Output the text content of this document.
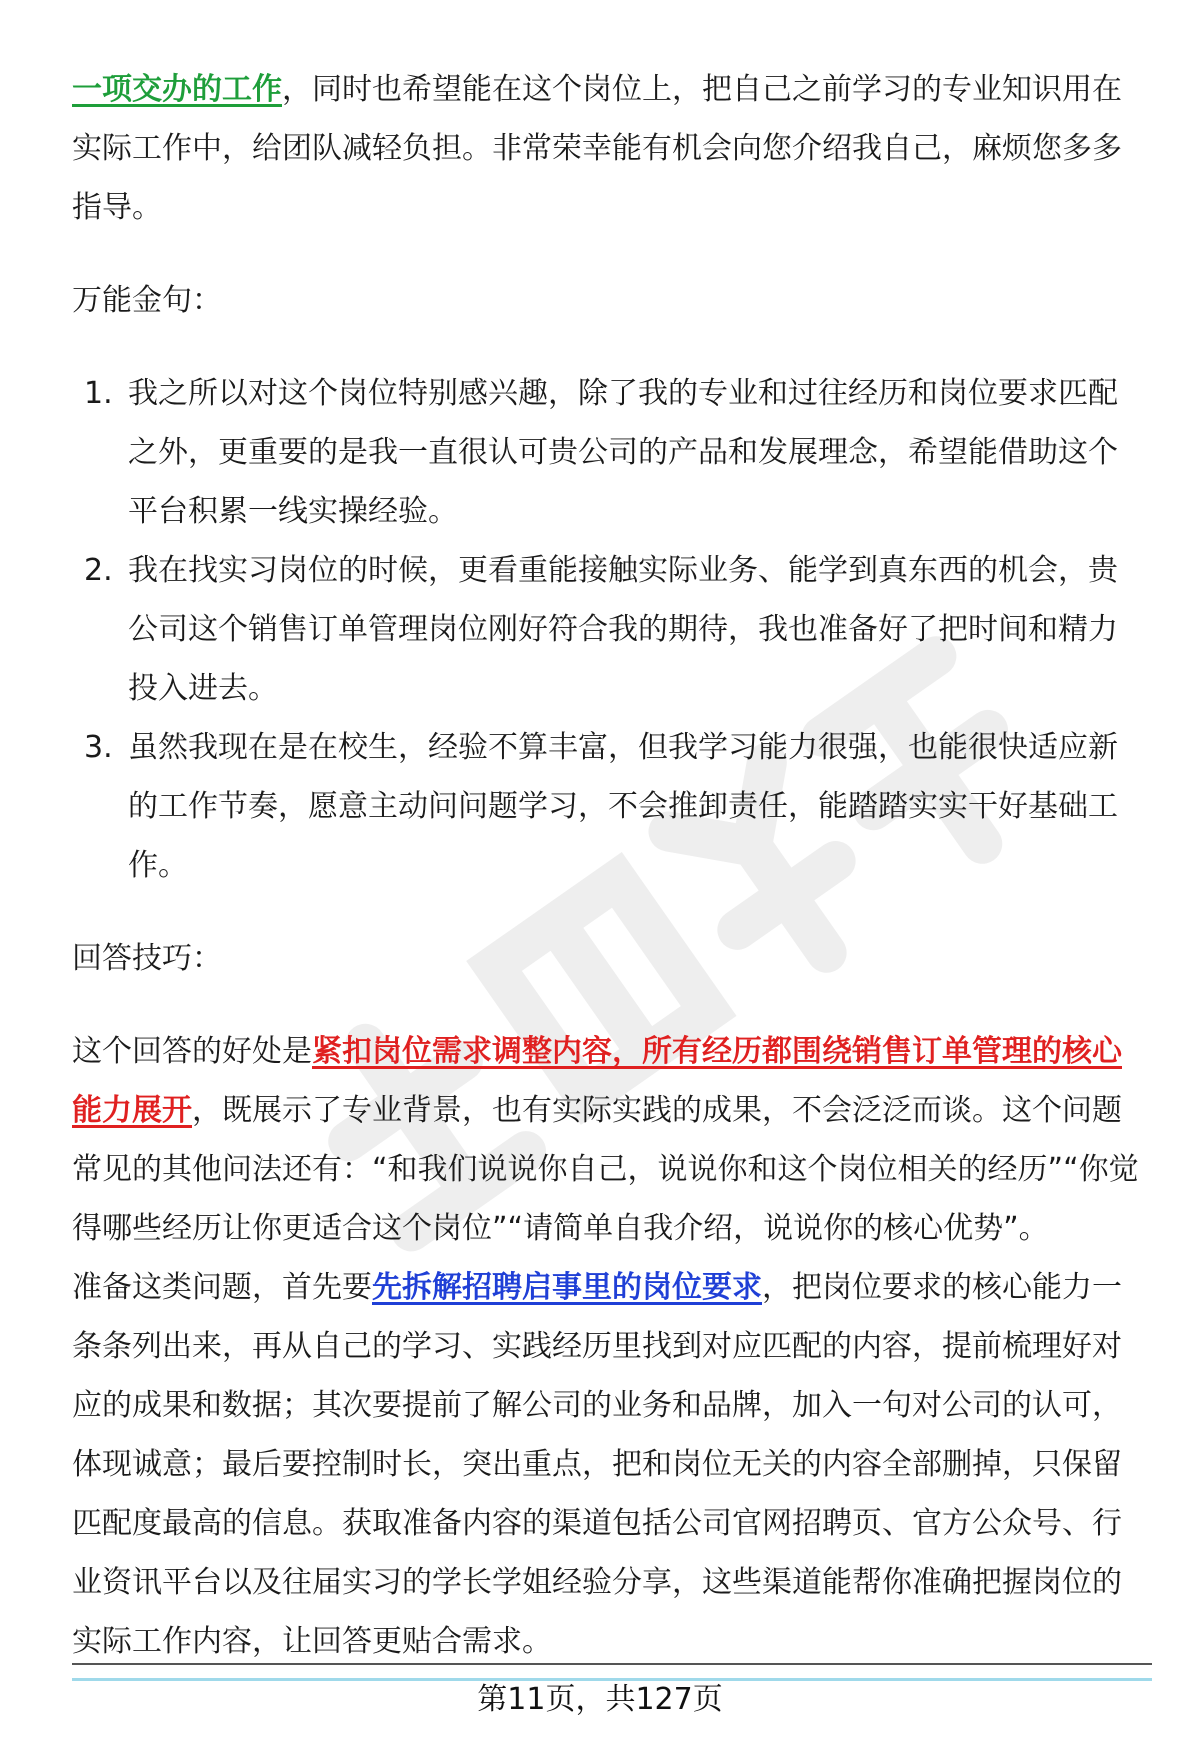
一项交办的工作，同时也希望能在这个岗位上，把自己之前学习的专业知识用在实际工作中，给团队减轻负担。非常荣幸能有机会向您介绍我自己，麻烦您多多指导。

万能金句：

1. 我之所以对这个岗位特别感兴趣，除了我的专业和过往经历和岗位要求匹配之外，更重要的是我一直很认可贵公司的产品和发展理念，希望能借助这个平台积累一线实操经验。
2. 我在找实习岗位的时候，更看重能接触实际业务、能学到真东西的机会，贵公司这个销售订单管理岗位刚好符合我的期待，我也准备好了把时间和精力投入进去。
3. 虽然我现在是在校生，经验不算丰富，但我学习能力很强，也能很快适应新的工作节奏，愿意主动问问题学习，不会推卸责任，能踏踏实实干好基础工作。

回答技巧：

这个回答的好处是紧扣岗位需求调整内容，所有经历都围绕销售订单管理的核心能力展开，既展示了专业背景，也有实际实践的成果，不会泛泛而谈。这个问题常见的其他问法还有：“和我们说说你自己，说说你和这个岗位相关的经历”“你觉得哪些经历让你更适合这个岗位”“请简单自我介绍，说说你的核心优势”。

准备这类问题，首先要先拆解招聘启事里的岗位要求，把岗位要求的核心能力一条条列出来，再从自己的学习、实践经历里找到对应匹配的内容，提前梳理好对应的成果和数据；其次要提前了解公司的业务和品牌，加入一句对公司的认可，体现诚意；最后要控制时长，突出重点，把和岗位无关的内容全部删掉，只保留匹配度最高的信息。获取准备内容的渠道包括公司官网招聘页、官方公众号、行业资讯平台以及往届实习的学长学姐经验分享，这些渠道能帮你准确把握岗位的实际工作内容，让回答更贴合需求。

第11页，共127页
